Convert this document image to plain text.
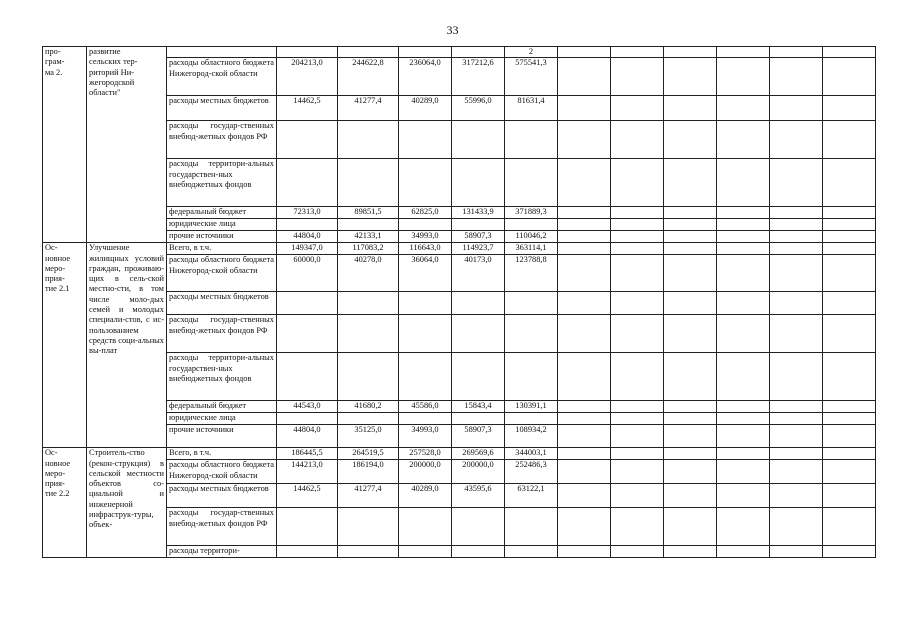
33
про-
грам-
ма 2.	развитие
сельских тер-
риторий Ни-
жегородской
области"						2						
		расходы областного бюджета Нижегород-ской области	204213,0	244622,8	236064,0	317212,6	575541,3						
		расходы местных бюджетов	14462,5	41277,4	40289,0	55996,0	81631,4						
		расходы государ-ственных внебюд-жетных фондов РФ											
		расходы территори-альных государствен-ных внебюджетных фондов											
		федеральный бюджет	72313,0	89851,5	62825,0	131433,9	371889,3						
		юридические лица											
		прочие источники	44804,0	42133,1	34993,0	58907,3	110046,2						
Ос-
новное
меро-
прия-
тие 2.1	Улучшение жилищных условий граждан, проживаю-щих в сель-ской местно-сти, в том числе моло-дых семей и молодых специали-стов, с ис-пользованием средств соци-альных вы-плат	Всего, в т.ч.	149347,0	117083,2	116643,0	114923,7	363114,1						
		расходы областного бюджета Нижегород-ской области	60000,0	40278,0	36064,0	40173,0	123788,8						
		расходы местных бюджетов											
		расходы государ-ственных внебюд-жетных фондов РФ											
		расходы территори-альных государствен-ных внебюджетных фондов											
		федеральный бюджет	44543,0	41680,2	45586,0	15843,4	130391,1						
		юридические лица											
		прочие источники	44804,0	35125,0	34993,0	58907,3	108934,2						
Ос-
новное
меро-
прия-
тие 2.2	Строитель-ство (рекон-струкция) в сельской местности объектов со-циальной и инженерной инфраструк-туры, объек-	Всего, в т.ч.	186445,5	264519,5	257528,0	269569,6	344003,1						
		расходы областного бюджета Нижегород-ской области	144213,0	186194,0	200000,0	200000,0	252486,3						
		расходы местных бюджетов	14462,5	41277,4	40289,0	43595,6	63122,1						
		расходы государ-ственных внебюд-жетных фондов РФ											
		расходы территори-											
